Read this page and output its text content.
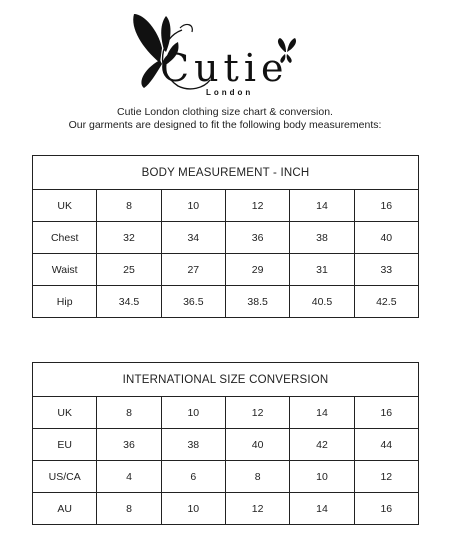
Cutie
London
Cutie London clothing size chart & conversion.
Our garments are designed to fit the following body measurements:
BODY MEASUREMENT - INCH					
UK	8	10	12	14	16
Chest	32	34	36	38	40
Waist	25	27	29	31	33
Hip	34.5	36.5	38.5	40.5	42.5
INTERNATIONAL SIZE CONVERSION					
UK	8	10	12	14	16
EU	36	38	40	42	44
US/CA	4	6	8	10	12
AU	8	10	12	14	16
